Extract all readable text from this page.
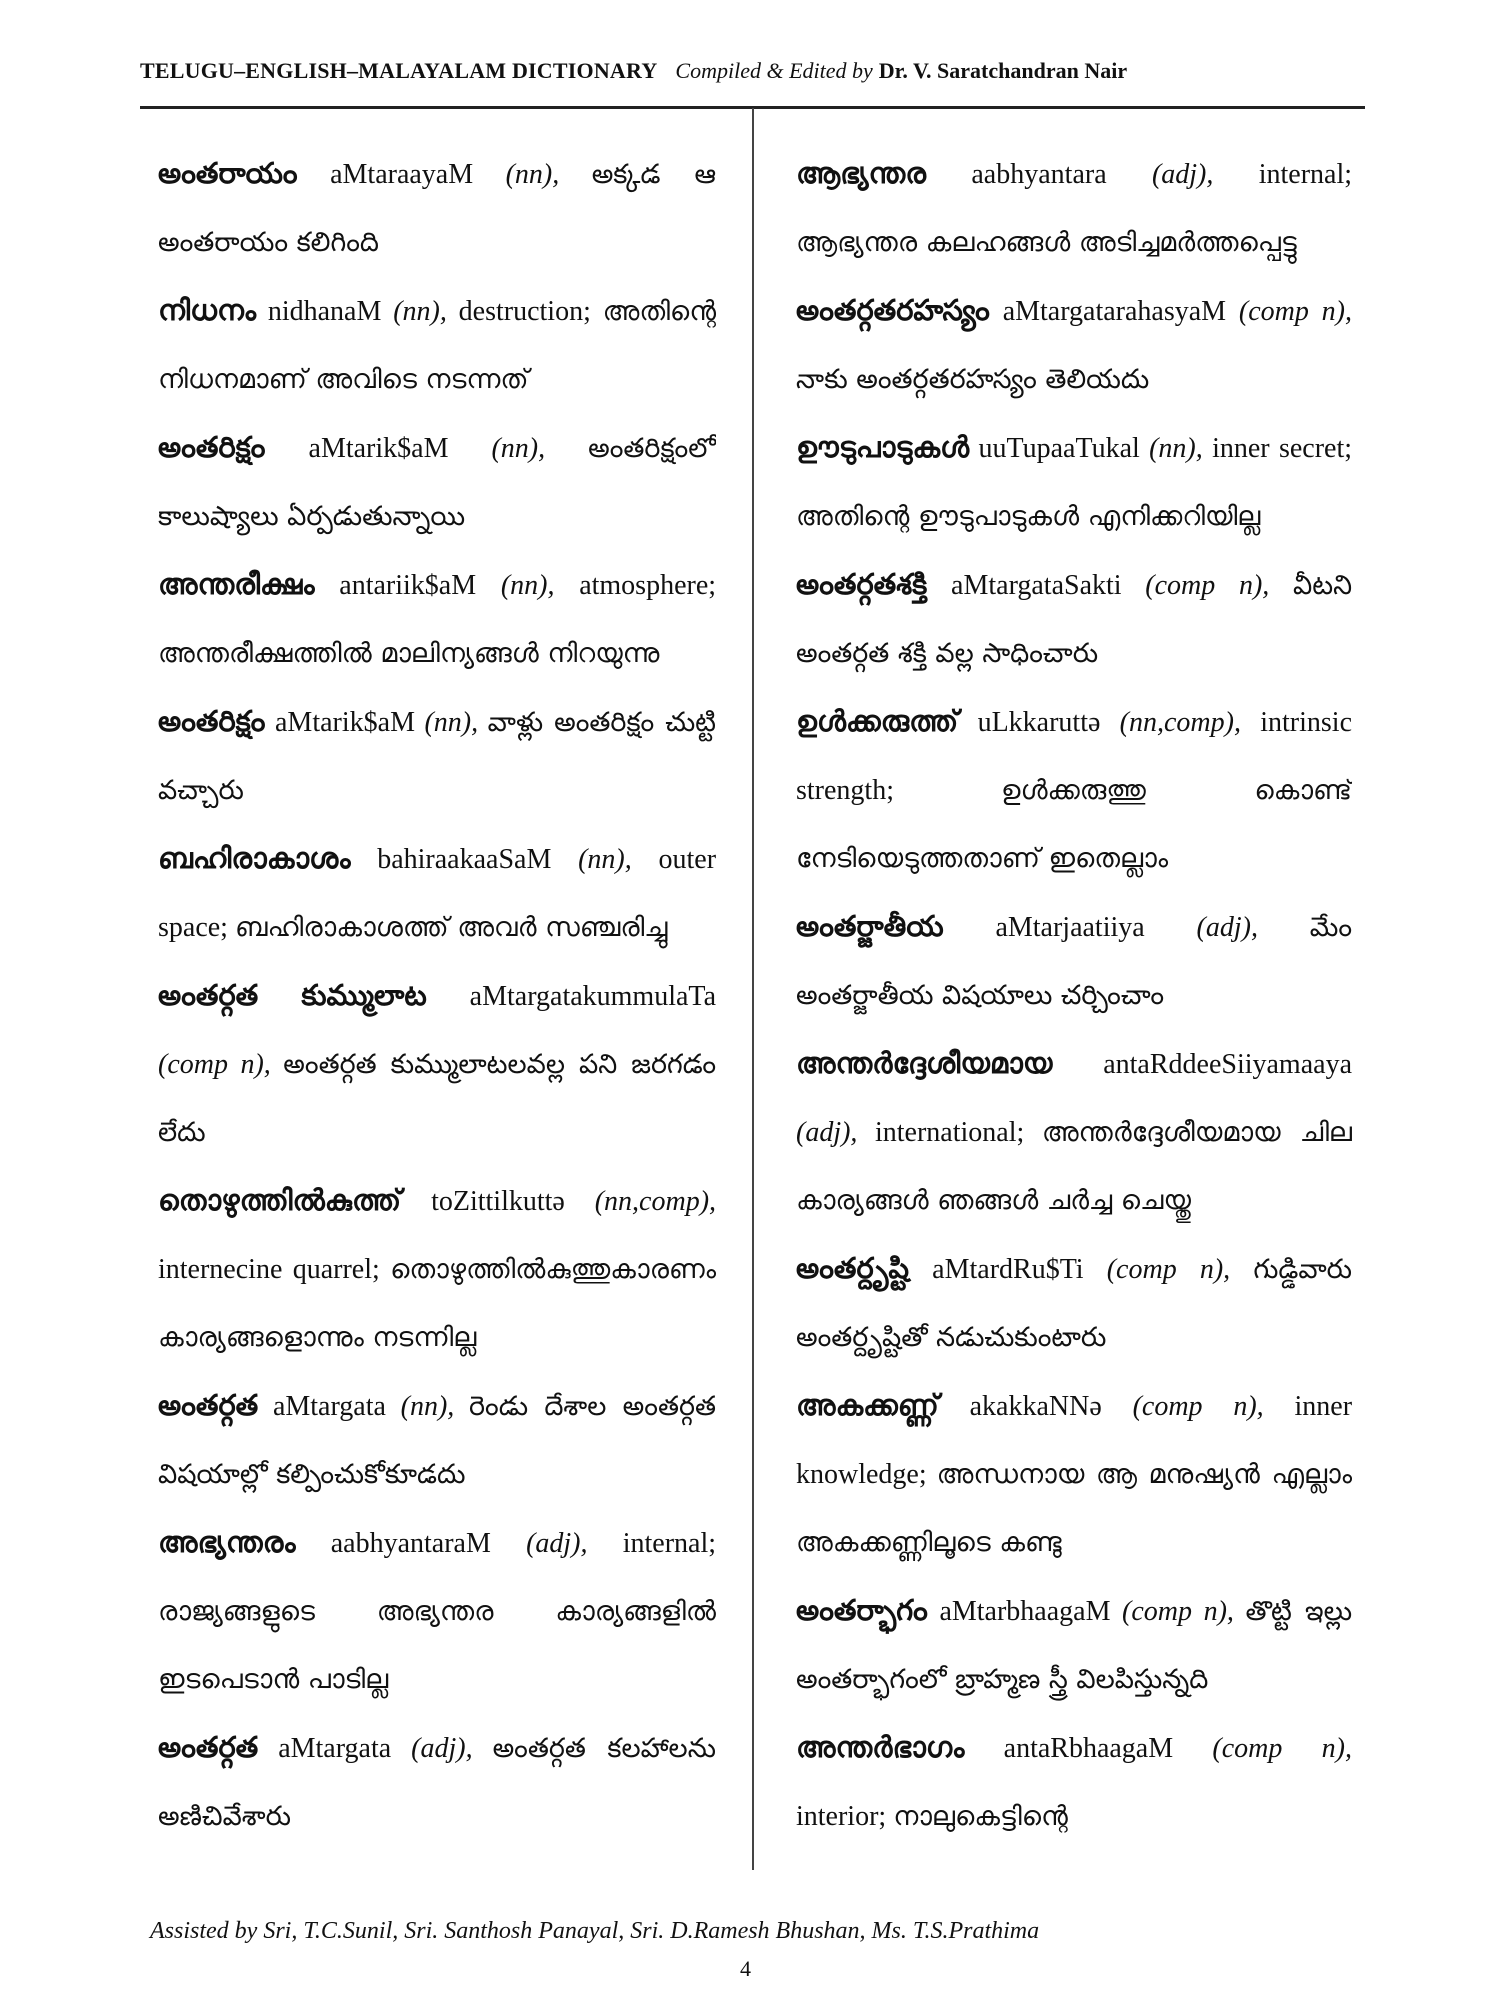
TELUGU–ENGLISH–MALAYALAM DICTIONARY Compiled & Edited by Dr. V. Saratchandran Nair

అంతరాయం aMtaraayaM (nn), అక్కడ ఆ అంతరాయం కలిగింది

നിധനം nidhanaM (nn), destruction; അതിന്റെ നിധനമാണ് അവിടെ നടന്നത്

అంతరిక్షం aMtarik$aM (nn), అంతరిక్షంలో కాలుష్యాలు ఏర్పడుతున్నాయి

അന്തരീക്ഷം antariik$aM (nn), atmosphere; അന്തരീക്ഷത്തിൽ മാലിന്യങ്ങൾ നിറയുന്നു

అంతరిక్షం aMtarik$aM (nn), వాళ్లు అంతరిక్షం చుట్టి వచ్చారు

ബഹിരാകാശം bahiraakaaSaM (nn), outer space; ബഹിരാകാശത്ത് അവർ സഞ്ചരിച്ചു

అంతర్గత కుమ్ములాట aMtargatakummulaTa (comp n), అంతర్గత కుమ్ములాటలవల్ల పని జరగడం లేదు

തൊഴുത്തിൽകുത്ത് toZittilkuttə (nn,comp), internecine quarrel; തൊഴുത്തിൽകുത്തുകാരണം കാര്യങ്ങളൊന്നും നടന്നില്ല

అంతర్గత aMtargata (nn), రెండు దేశాల అంతర్గత విషయాల్లో కల్పించుకోకూడదు

അഭ്യന്തരം aabhyantaraM (adj), internal; രാജ്യങ്ങളുടെ അഭ്യന്തര കാര്യങ്ങളിൽ ഇടപെടാൻ പാടില്ല

అంతర్గత aMtargata (adj), అంతర్గత కలహాలను అణిచివేశారు

ആഭ്യന്തര aabhyantara (adj), internal; ആഭ്യന്തര കലഹങ്ങൾ അടിച്ചമർത്തപ്പെട്ടു

అంతర్గతరహస్యం aMtargatarahasyaM (comp n), నాకు అంతర్గతరహస్యం తెలియదు

ഊടുപാടുകൾ uuTupaaTukal (nn), inner secret; അതിന്റെ ഊടുപാടുകൾ എനിക്കറിയില്ല

అంతర్గతశక్తి aMtargataSakti (comp n), వీటని అంతర్గత శక్తి వల్ల సాధించారు

ഉൾക്കരുത്ത് uLkkaruttə (nn,comp), intrinsic strength;	ഉൾക്കരുത്തു കൊണ്ട് നേടിയെടുത്തതാണ് ഇതെല്ലാം

అంతర్జాతీయ aMtarjaatiiya (adj), మేం అంతర్జాతీయ విషయాలు చర్చించాం

അന്തർദ്ദേശീയമായ antaRddeeSiiyamaaya (adj), international; അന്തർദ്ദേശീയമായ ചില കാര്യങ്ങൾ ഞങ്ങൾ ചർച്ച ചെയ്തു

అంతర్దృష్టి aMtardRu$Ti (comp n), గుడ్డివారు అంతర్దృష్టితో నడుచుకుంటారు

അകക്കണ്ണ് akakkaNNə (comp n), inner knowledge; അന്ധനായ ആ മനുഷ്യൻ എല്ലാം അകക്കണ്ണിലൂടെ കണ്ടു

అంతర్భాగం aMtarbhaagaM (comp n), తొట్టి ఇల్లు అంతర్భాగంలో బ్రాహ్మణ స్త్రీ విలపిస్తున్నది

അന്തർഭാഗം antaRbhaagaM (comp n), interior; നാലുകെട്ടിന്റെ

Assisted by Sri, T.C.Sunil, Sri. Santhosh Panayal, Sri. D.Ramesh Bhushan, Ms. T.S.Prathima
4
